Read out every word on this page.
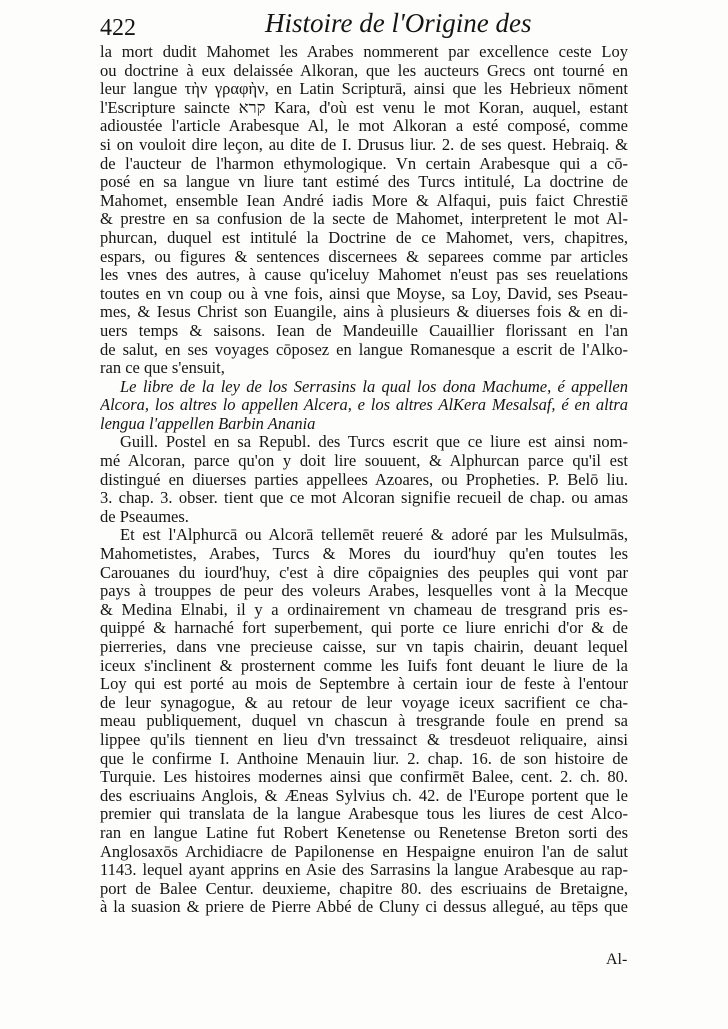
422	Histoire de l'Origine des
la mort dudit Mahomet les Arabes nommerent par excellence ceste Loy
ou doctrine à eux delaissée Alkoran, que les aucteurs Grecs ont tourné en
leur langue τὴν γραφὴν, en Latin Scripturā, ainsi que les Hebrieux nōment
l'Escripture saincte קרא Kara, d'où est venu le mot Koran, auquel, estant
adioustée l'article Arabesque Al, le mot Alkoran a esté composé, comme
si on vouloit dire leçon, au dite de I. Drusus liur. 2. de ses quest. Hebraiq. &
de l'aucteur de l'harmon ethymologique. Vn certain Arabesque qui a cō-
posé en sa langue vn liure tant estimé des Turcs intitulé, La doctrine de
Mahomet, ensemble Iean André iadis More & Alfaqui, puis faict Chrestiē
& prestre en sa confusion de la secte de Mahomet, interpretent le mot Al-
phurcan, duquel est intitulé la Doctrine de ce Mahomet, vers, chapitres,
espars, ou figures & sentences discernees & separees comme par articles
les vnes des autres, à cause qu'iceluy Mahomet n'eust pas ses reuelations
toutes en vn coup ou à vne fois, ainsi que Moyse, sa Loy, David, ses Pseau-
mes, & Iesus Christ son Euangile, ains à plusieurs & diuerses fois & en di-
uers temps & saisons. Iean de Mandeuille Cauaillier florissant en l'an
de salut, en ses voyages cōposez en langue Romanesque a escrit de l'Alko-
ran ce que s'ensuit,
Le libre de la ley de los Serrasins la qual los dona Machume, é appellen
Alcora, los altres lo appellen Alcera, e los altres AlKera Mesalsaf, é en altra
lengua l'appellen Barbin Anania
Guill. Postel en sa Republ. des Turcs escrit que ce liure est ainsi nom-
mé Alcoran, parce qu'on y doit lire souuent, & Alphurcan parce qu'il est
distingué en diuerses parties appellees Azoares, ou Propheties. P. Belō liu.
3. chap. 3. obser. tient que ce mot Alcoran signifie recueil de chap. ou amas
de Pseaumes.
Et est l'Alphurcā ou Alcorā tellemēt reueré & adoré par les Mulsulmās,
Mahometistes, Arabes, Turcs & Mores du iourd'huy qu'en toutes les
Carouanes du iourd'huy, c'est à dire cōpaignies des peuples qui vont par
pays à trouppes de peur des voleurs Arabes, lesquelles vont à la Mecque
& Medina Elnabi, il y a ordinairement vn chameau de tresgrand pris es-
quippé & harnaché fort superbement, qui porte ce liure enrichi d'or & de
pierreries, dans vne precieuse caisse, sur vn tapis chairin, deuant lequel
iceux s'inclinent & prosternent comme les Iuifs font deuant le liure de la
Loy qui est porté au mois de Septembre à certain iour de feste à l'entour
de leur synagogue, & au retour de leur voyage iceux sacrifient ce cha-
meau publiquement, duquel vn chascun à tresgrande foule en prend sa
lippee qu'ils tiennent en lieu d'vn tressainct & tresdeuot reliquaire, ainsi
que le confirme I. Anthoine Menauin liur. 2. chap. 16. de son histoire de
Turquie. Les histoires modernes ainsi que confirmēt Balee, cent. 2. ch. 80.
des escriuains Anglois, & Æneas Sylvius ch. 42. de l'Europe portent que le
premier qui translata de la langue Arabesque tous les liures de cest Alco-
ran en langue Latine fut Robert Kenetense ou Renetense Breton sorti des
Anglosaxōs Archidiacre de Papilonense en Hespaigne enuiron l'an de salut
1143. lequel ayant apprins en Asie des Sarrasins la langue Arabesque au rap-
port de Balee Centur. deuxieme, chapitre 80. des escriuains de Bretaigne,
à la suasion & priere de Pierre Abbé de Cluny ci dessus allegué, au tēps que
Al-
